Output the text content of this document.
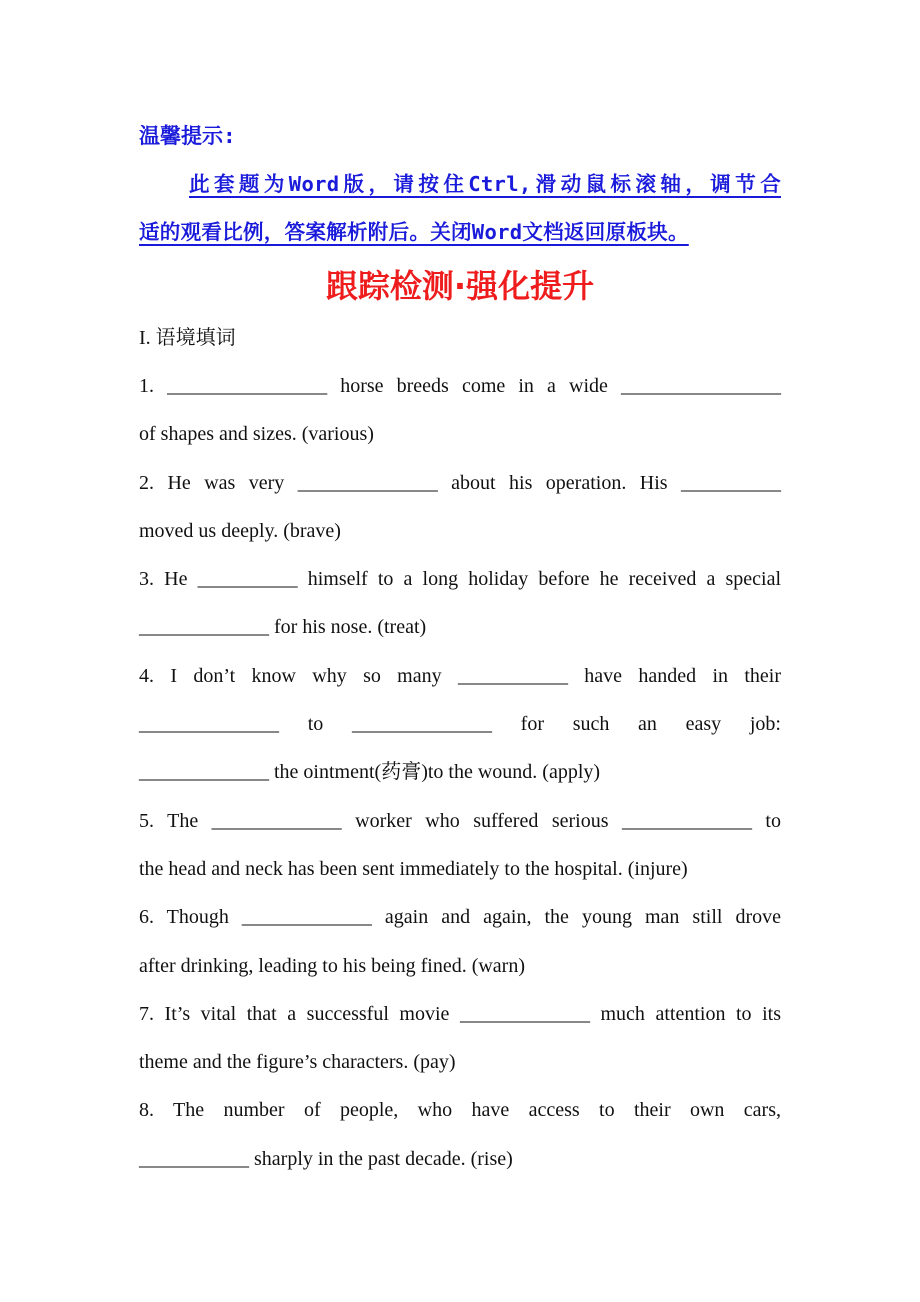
温馨提示:

此套题为Word版，请按住Ctrl,滑动鼠标滚轴，调节合
适的观看比例，答案解析附后。关闭Word文档返回原板块。

跟踪检测·强化提升

I. 语境填词

1. ________________ horse breeds come in a wide ________________
of shapes and sizes. (various)
2. He was very ______________ about his operation. His __________
moved us deeply. (brave)
3. He __________ himself to a long holiday before he received a special
_____________ for his nose. (treat)
4. I don’t know why so many ___________ have handed in their
______________ to ______________ for such an easy job:
_____________ the ointment(药膏)to the wound. (apply)
5. The _____________ worker who suffered serious _____________ to
the head and neck has been sent immediately to the hospital. (injure)
6. Though _____________ again and again, the young man still drove
after drinking, leading to his being fined. (warn)
7. It’s vital that a successful movie _____________ much attention to its
theme and the figure’s characters. (pay)
8. The number of people, who have access to their own cars,
___________ sharply in the past decade. (rise)
